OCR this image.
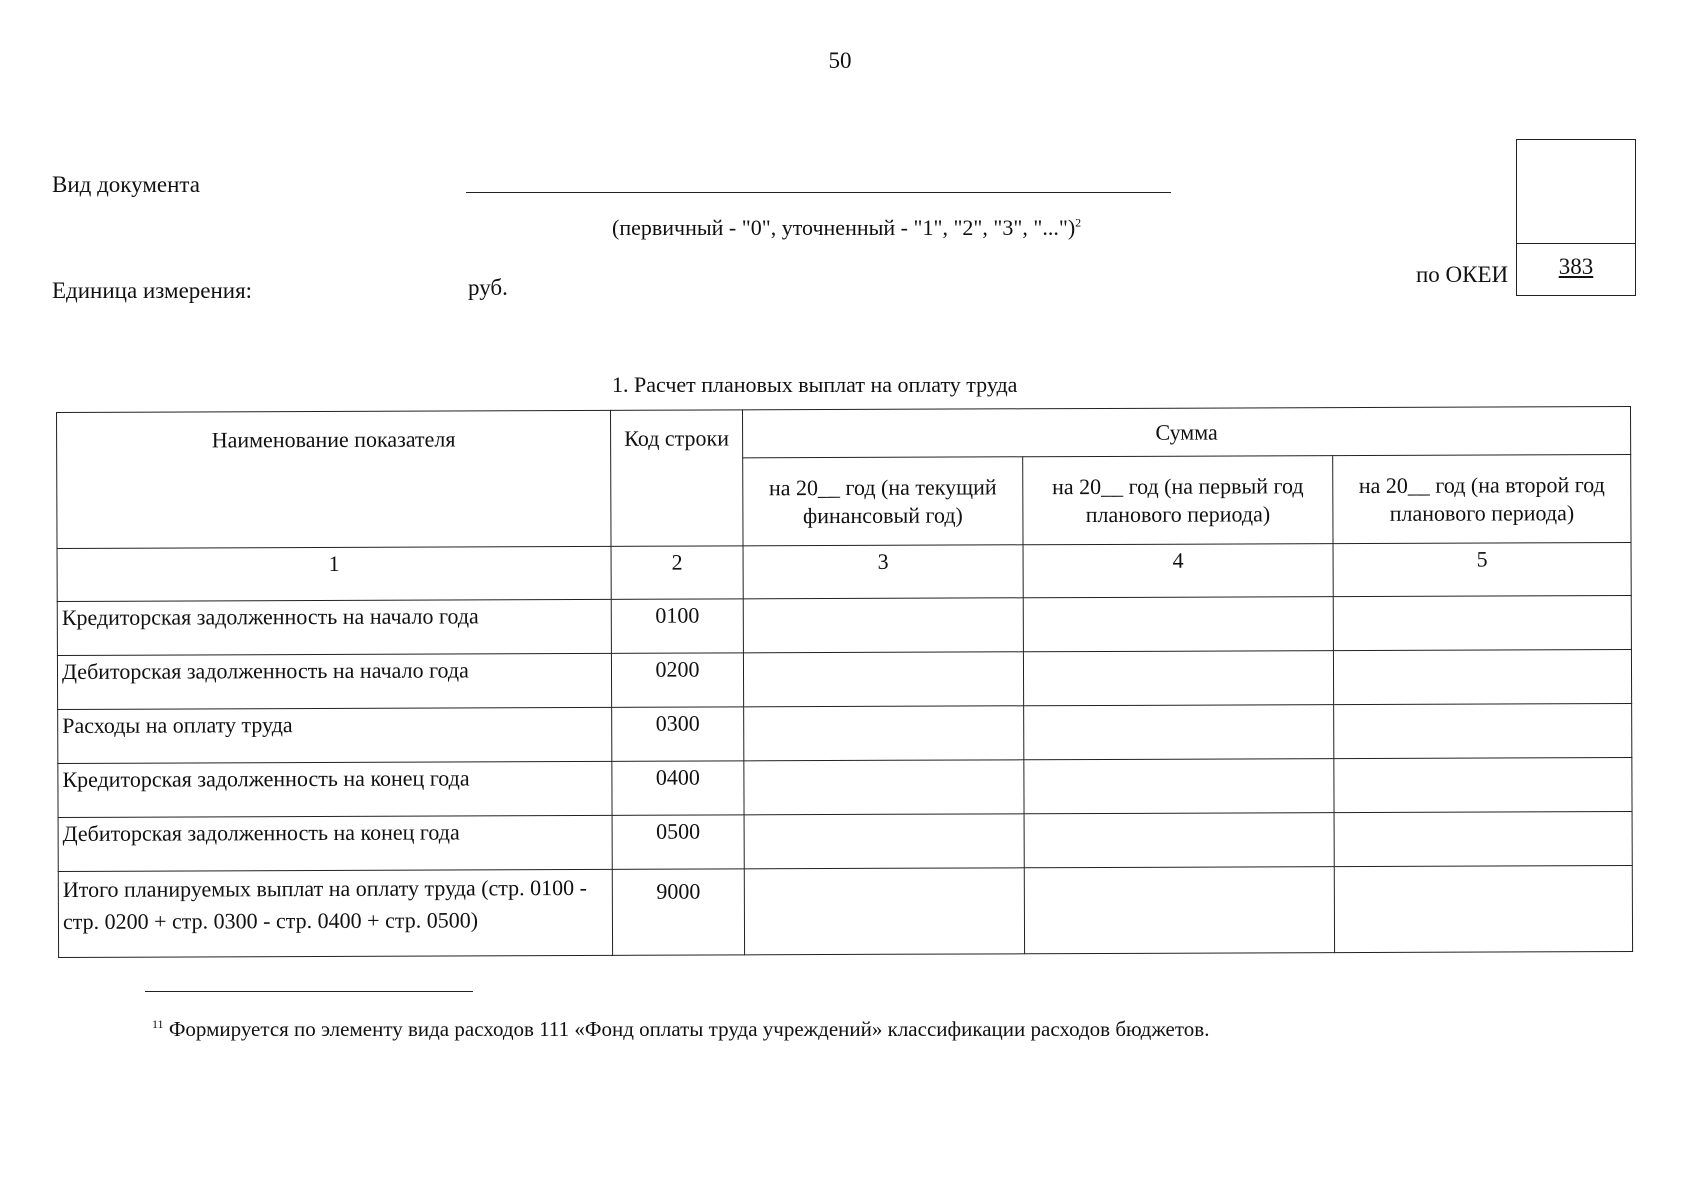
50
Вид документа
(первичный - "0", уточненный - "1", "2", "3", "...")$^2$
Единица измерения:	руб.
по ОКЕИ	383
1. Расчет плановых выплат на оплату труда
Наименование показателя	Код строки	Сумма		
		на 20__ год (на текущий финансовый год)	на 20__ год (на первый год планового периода)	на 20__ год (на второй год планового периода)
1	2	3	4	5
Кредиторская задолженность на начало года	0100			
Дебиторская задолженность на начало года	0200			
Расходы на оплату труда	0300			
Кредиторская задолженность на конец года	0400			
Дебиторская задолженность на конец года	0500			
Итого планируемых выплат на оплату труда (стр. 0100 - стр. 0200 + стр. 0300 - стр. 0400 + стр. 0500)	9000			
$^{11}$ Формируется по элементу вида расходов 111 «Фонд оплаты труда учреждений» классификации расходов бюджетов.
